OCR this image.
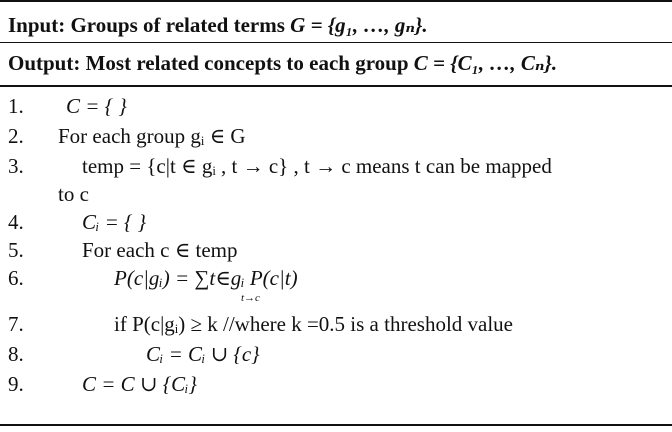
Input: Groups of related terms G = {g₁, …, gₙ}.
Output: Most related concepts to each group C = {C₁, …, Cₙ}.
1. C = { }
2. For each group gᵢ ∈ G
3.	temp = {c|t ∈ gᵢ , t → c} , t → c means t can be mapped
to c
4.	Cᵢ = { }
5.	For each c ∈ temp
6.	P(c|gᵢ) = ∑t∈gᵢ P(c|t)
t→c
7.	if P(c|gᵢ) ≥ k //where k =0.5 is a threshold value
8.	Cᵢ = Cᵢ ∪ {c}
9.	C = C ∪ {Cᵢ}
